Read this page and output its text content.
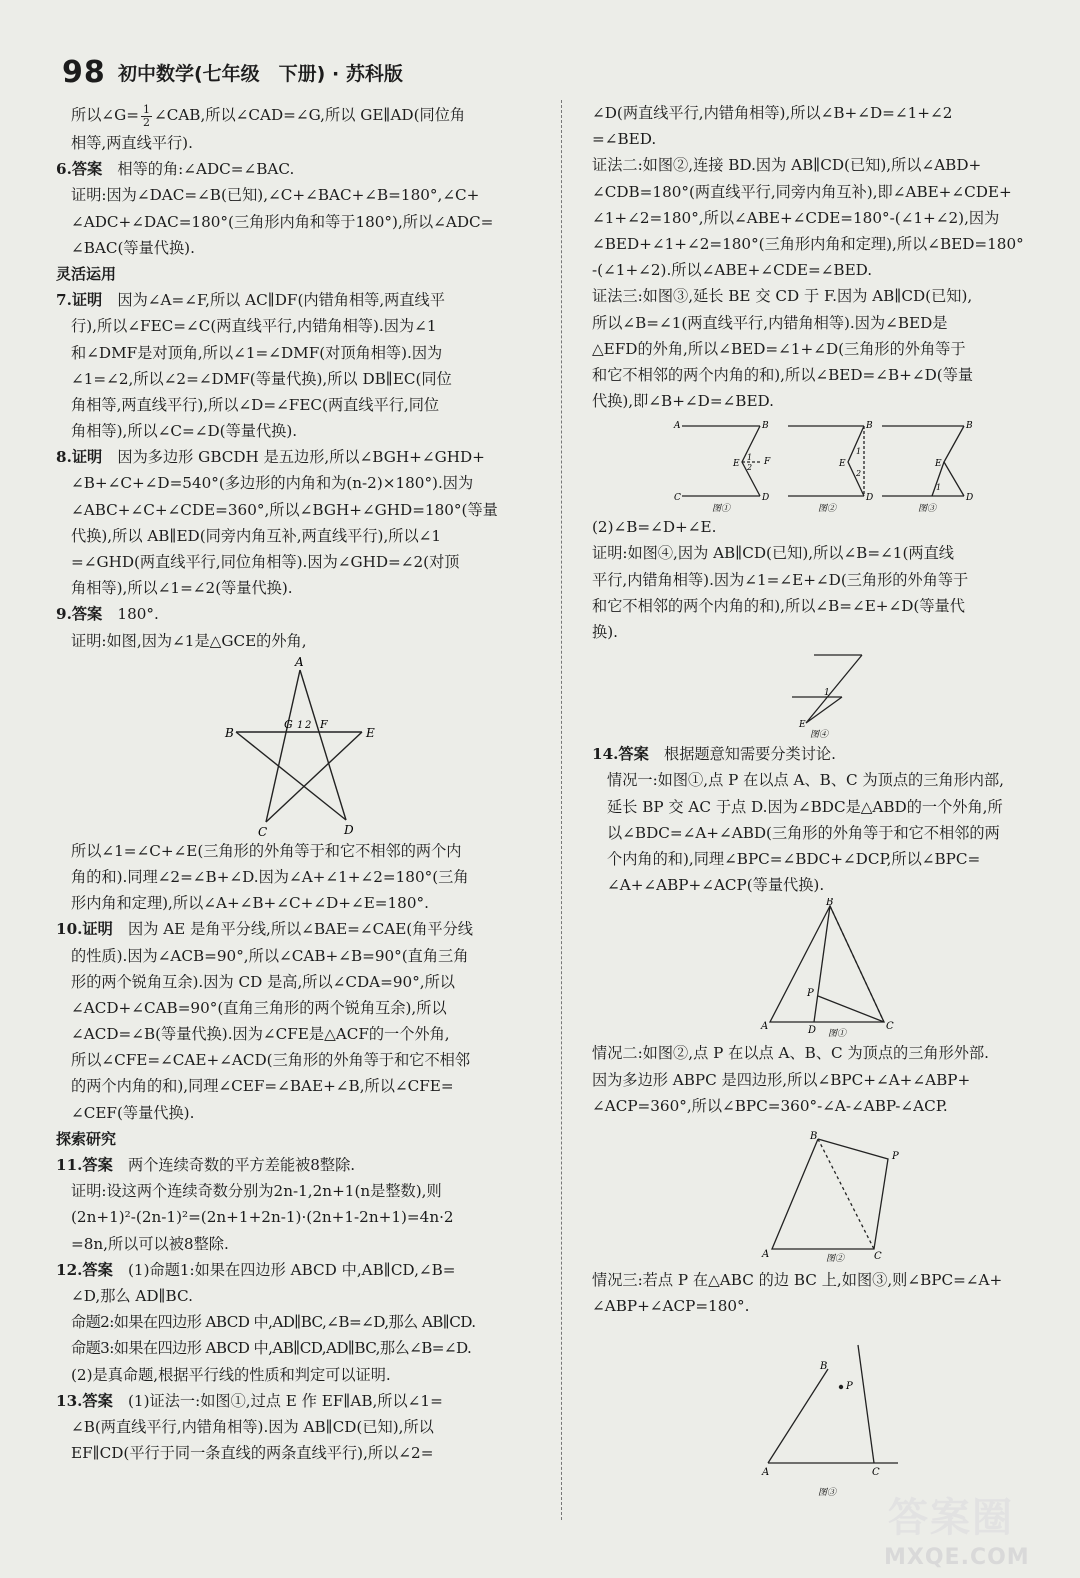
98 初中数学(七年级　下册) · 苏科版
所以∠G= $\frac{1}{2}$ ∠CAB,所以∠CAD=∠G,所以 GE∥AD(同位角
相等,两直线平行).
6.答案　相等的角:∠ADC=∠BAC.
证明:因为∠DAC=∠B(已知),∠C+∠BAC+∠B=180°,∠C+
∠ADC+∠DAC=180°(三角形内角和等于180°),所以∠ADC=
∠BAC(等量代换).
灵活运用
7.证明　因为∠A=∠F,所以 AC∥DF(内错角相等,两直线平
行),所以∠FEC=∠C(两直线平行,内错角相等).因为∠1
和∠DMF是对顶角,所以∠1=∠DMF(对顶角相等).因为
∠1=∠2,所以∠2=∠DMF(等量代换),所以 DB∥EC(同位
角相等,两直线平行),所以∠D=∠FEC(两直线平行,同位
角相等),所以∠C=∠D(等量代换).
8.证明　因为多边形 GBCDH 是五边形,所以∠BGH+∠GHD+
∠B+∠C+∠D=540°(多边形的内角和为(n-2)×180°).因为
∠ABC+∠C+∠CDE=360°,所以∠BGH+∠GHD=180°(等量
代换),所以 AB∥ED(同旁内角互补,两直线平行),所以∠1
=∠GHD(两直线平行,同位角相等).因为∠GHD=∠2(对顶
角相等),所以∠1=∠2(等量代换).
9.答案　180°.
证明:如图,因为∠1是△GCE的外角,
A
B	E
C	D
G F
1 2
所以∠1=∠C+∠E(三角形的外角等于和它不相邻的两个内
角的和).同理∠2=∠B+∠D.因为∠A+∠1+∠2=180°(三角
形内角和定理),所以∠A+∠B+∠C+∠D+∠E=180°.
10.证明　因为 AE 是角平分线,所以∠BAE=∠CAE(角平分线
的性质).因为∠ACB=90°,所以∠CAB+∠B=90°(直角三角
形的两个锐角互余).因为 CD 是高,所以∠CDA=90°,所以
∠ACD+∠CAB=90°(直角三角形的两个锐角互余),所以
∠ACD=∠B(等量代换).因为∠CFE是△ACF的一个外角,
所以∠CFE=∠CAE+∠ACD(三角形的外角等于和它不相邻
的两个内角的和),同理∠CEF=∠BAE+∠B,所以∠CFE=
∠CEF(等量代换).
探索研究
11.答案　两个连续奇数的平方差能被8整除.
证明:设这两个连续奇数分别为2n-1,2n+1(n是整数),则
(2n+1)²-(2n-1)²=(2n+1+2n-1)·(2n+1-2n+1)=4n·2
=8n,所以可以被8整除.
12.答案　(1)命题1:如果在四边形 ABCD 中,AB∥CD,∠B=
∠D,那么 AD∥BC.
命题2:如果在四边形 ABCD 中,AD∥BC,∠B=∠D,那么 AB∥CD.
命题3:如果在四边形 ABCD 中,AB∥CD,AD∥BC,那么∠B=∠D.
(2)是真命题,根据平行线的性质和判定可以证明.
13.答案　(1)证法一:如图①,过点 E 作 EF∥AB,所以∠1=
∠B(两直线平行,内错角相等).因为 AB∥CD(已知),所以
EF∥CD(平行于同一条直线的两条直线平行),所以∠2=
∠D(两直线平行,内错角相等),所以∠B+∠D=∠1+∠2
=∠BED.
证法二:如图②,连接 BD.因为 AB∥CD(已知),所以∠ABD+
∠CDB=180°(两直线平行,同旁内角互补),即∠ABE+∠CDE+
∠1+∠2=180°,所以∠ABE+∠CDE=180°-(∠1+∠2),因为
∠BED+∠1+∠2=180°(三角形内角和定理),所以∠BED=180°
-(∠1+∠2).所以∠ABE+∠CDE=∠BED.
证法三:如图③,延长 BE 交 CD 于 F.因为 AB∥CD(已知),
所以∠B=∠1(两直线平行,内错角相等).因为∠BED是
△EFD的外角,所以∠BED=∠1+∠D(三角形的外角等于
和它不相邻的两个内角的和),所以∠BED=∠B+∠D(等量
代换),即∠B+∠D=∠BED.
A	B
C	D
E	F
1
2
B
D
E
1
2
B
D
E
1
图①	图②	图③
(2)∠B=∠D+∠E.
证明:如图④,因为 AB∥CD(已知),所以∠B=∠1(两直线
平行,内错角相等).因为∠1=∠E+∠D(三角形的外角等于
和它不相邻的两个内角的和),所以∠B=∠E+∠D(等量代
换).
1
E
图④
14.答案　根据题意知需要分类讨论.
情况一:如图①,点 P 在以点 A、B、C 为顶点的三角形内部,
延长 BP 交 AC 于点 D.因为∠BDC是△ABD的一个外角,所
以∠BDC=∠A+∠ABD(三角形的外角等于和它不相邻的两
个内角的和),同理∠BPC=∠BDC+∠DCP,所以∠BPC=
∠A+∠ABP+∠ACP(等量代换).
B
A	C
D
P
图①
情况二:如图②,点 P 在以点 A、B、C 为顶点的三角形外部.
因为多边形 ABPC 是四边形,所以∠BPC+∠A+∠ABP+
∠ACP=360°,所以∠BPC=360°-∠A-∠ABP-∠ACP.
B
P
A	C
图②
情况三:若点 P 在△ABC 的边 BC 上,如图③,则∠BPC=∠A+
∠ABP+∠ACP=180°.
B
P
A	C
图③
答案圈
MXQE.COM
